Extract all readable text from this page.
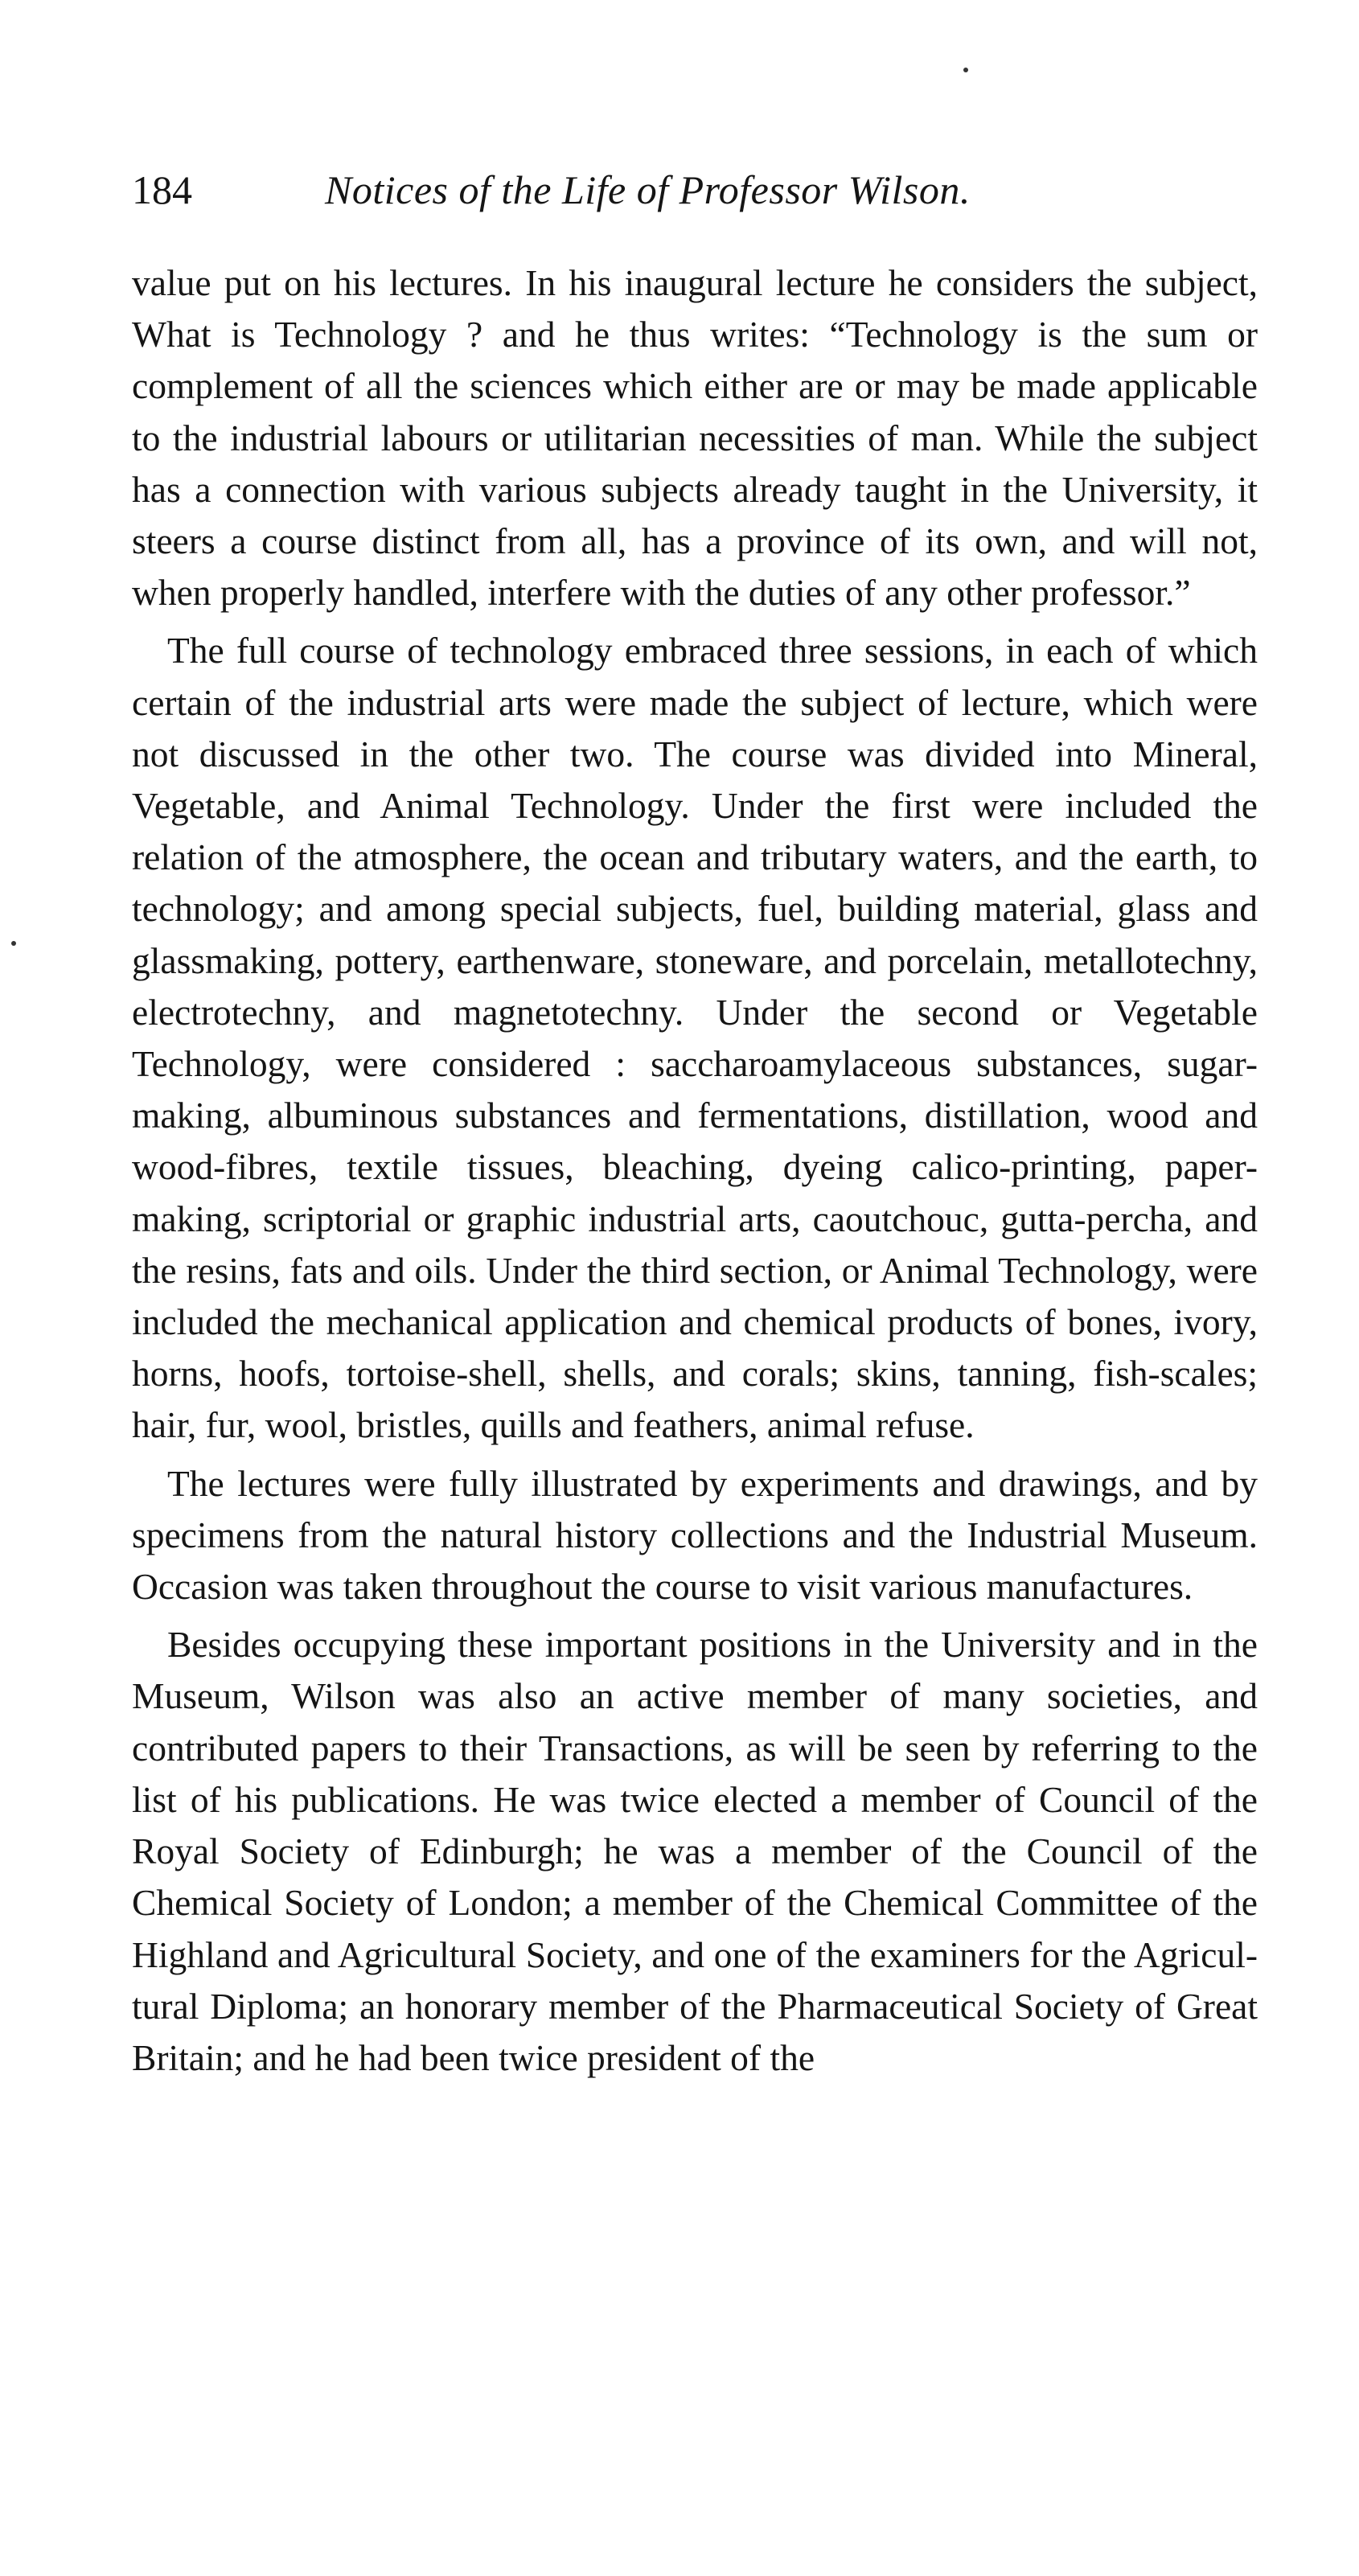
184	Notices of the Life of Professor Wilson.

value put on his lectures. In his inaugural lecture he considers the subject, What is Technology ? and he thus writes: “Technology is the sum or complement of all the sciences which either are or may be made applicable to the industrial labours or utilitarian necessities of man. While the subject has a connection with various subjects already taught in the University, it steers a course distinct from all, has a province of its own, and will not, when properly handled, interfere with the duties of any other professor.”

The full course of technology embraced three sessions, in each of which certain of the industrial arts were made the subject of lecture, which were not discussed in the other two. The course was divided into Mineral, Vegetable, and Animal Technology. Under the first were included the relation of the atmosphere, the ocean and tributary waters, and the earth, to technology; and among special subjects, fuel, building material, glass and glassmaking, pottery, earthenware, stoneware, and porcelain, metallotechny, electrotechny, and magnetotechny. Under the second or Vegetable Technology, were considered : saccharoamylaceous substances, sugar-making, albuminous substances and fermentations, distillation, wood and wood-fibres, textile tissues, bleaching, dyeing calico-printing, paper-making, scriptorial or graphic industrial arts, caoutchouc, gutta-percha, and the resins, fats and oils. Under the third section, or Animal Technology, were included the mechanical application and chemical products of bones, ivory, horns, hoofs, tortoise-shell, shells, and corals; skins, tanning, fish-scales; hair, fur, wool, bristles, quills and feathers, animal refuse.

The lectures were fully illustrated by experiments and drawings, and by specimens from the natural history collections and the Industrial Museum. Occasion was taken throughout the course to visit various manufactures.

Besides occupying these important positions in the University and in the Museum, Wilson was also an active member of many societies, and contributed papers to their Transactions, as will be seen by referring to the list of his publications. He was twice elected a member of Council of the Royal Society of Edinburgh; he was a member of the Council of the Chemical Society of London; a member of the Chemical Committee of the Highland and Agricultural Society, and one of the examiners for the Agricultural Diploma; an honorary member of the Pharmaceutical Society of Great Britain; and he had been twice president of the
